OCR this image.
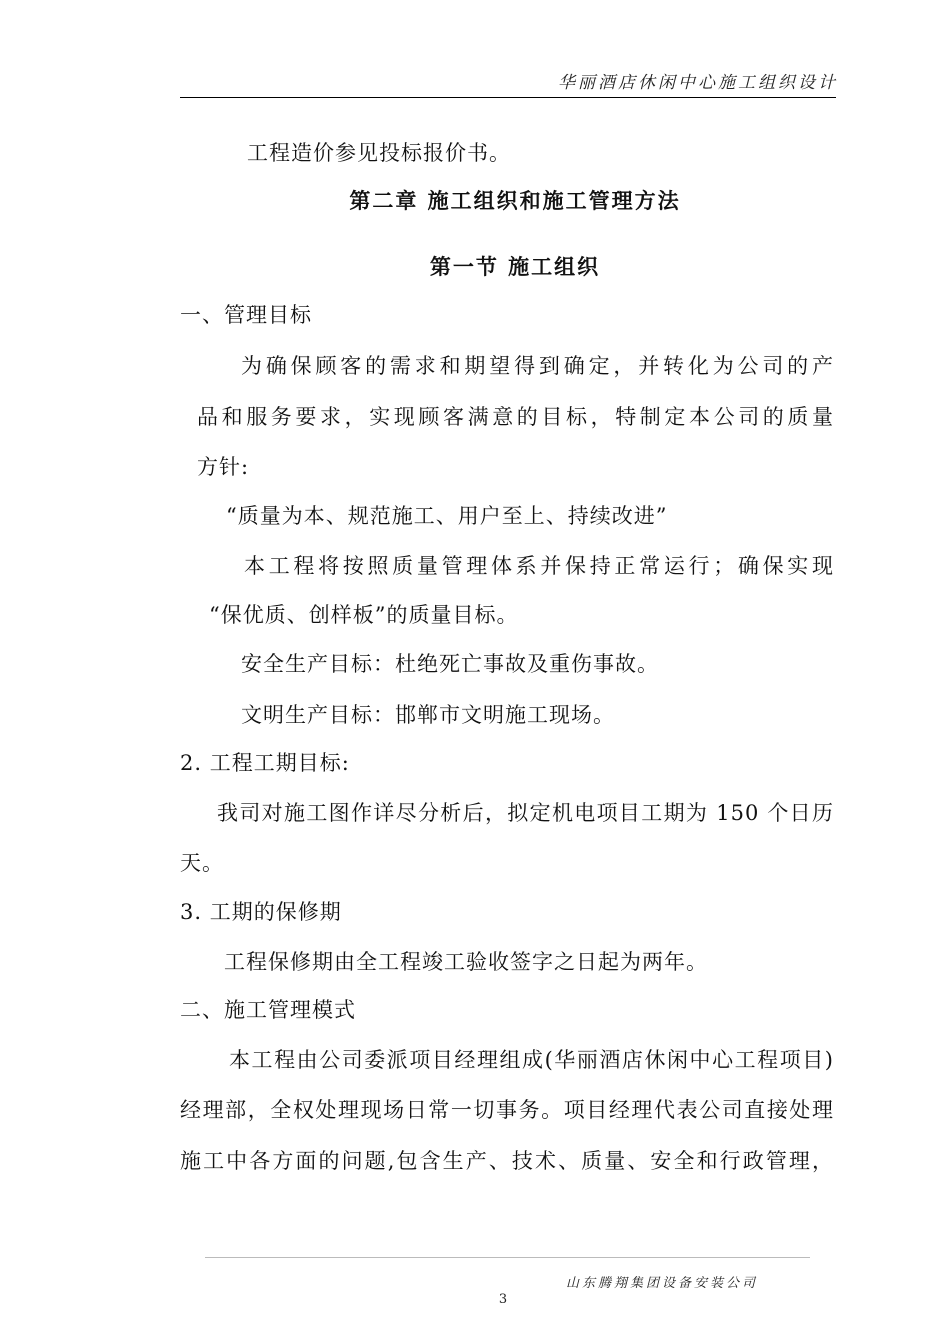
华丽酒店休闲中心施工组织设计
工程造价参见投标报价书。
第二章 施工组织和施工管理方法
第一节 施工组织
一、管理目标
为确保顾客的需求和期望得到确定，并转化为公司的产
品和服务要求，实现顾客满意的目标，特制定本公司的质量
方针:
“质量为本、规范施工、用户至上、持续改进”
本工程将按照质量管理体系并保持正常运行；确保实现
“保优质、创样板”的质量目标。
安全生产目标：杜绝死亡事故及重伤事故。
文明生产目标：邯郸市文明施工现场。
2. 工程工期目标:
我司对施工图作详尽分析后，拟定机电项目工期为 150 个日历
天。
3. 工期的保修期
工程保修期由全工程竣工验收签字之日起为两年。
二、施工管理模式
本工程由公司委派项目经理组成(华丽酒店休闲中心工程项目)
经理部，全权处理现场日常一切事务。项目经理代表公司直接处理
施工中各方面的问题,包含生产、技术、质量、安全和行政管理，
山东腾翔集团设备安装公司
3
